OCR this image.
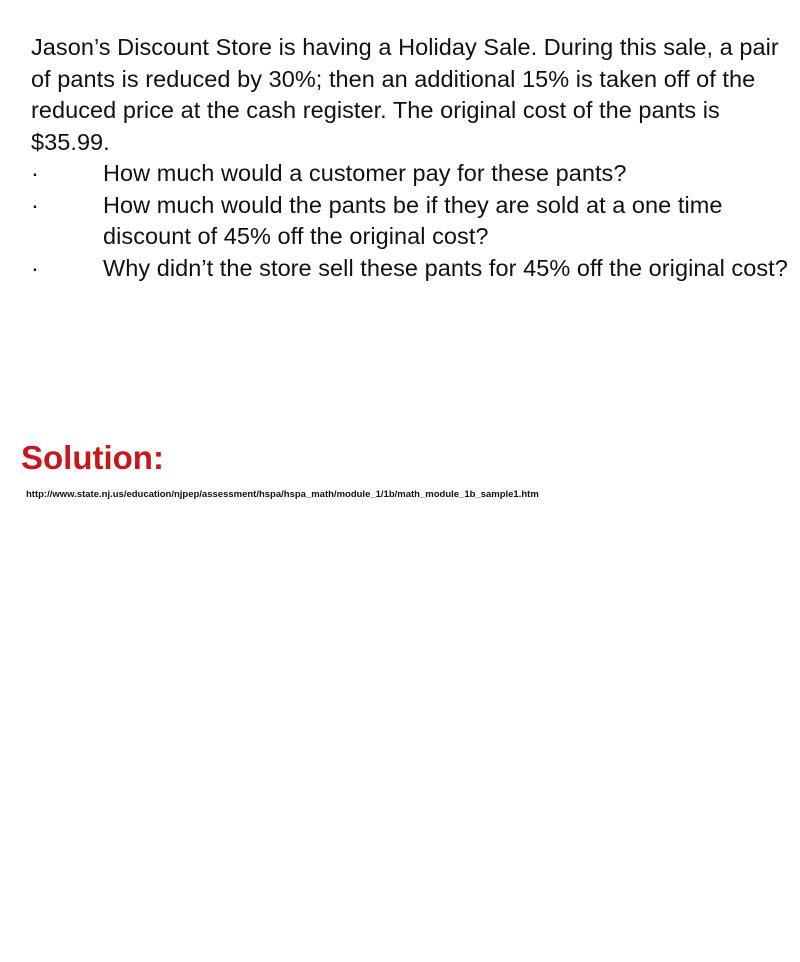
Jason’s Discount Store is having a Holiday Sale. During this sale, a pair of pants is reduced by 30%; then an additional 15% is taken off of the reduced price at the cash register. The original cost of the pants is $35.99.

·	How much would a customer pay for these pants?
·	How much would the pants be if they are sold at a one time discount of 45% off the original cost?
·	Why didn’t the store sell these pants for 45% off the original cost?
Solution:

http://www.state.nj.us/education/njpep/assessment/hspa/hspa_math/module_1/1b/math_module_1b_sample1.htm
